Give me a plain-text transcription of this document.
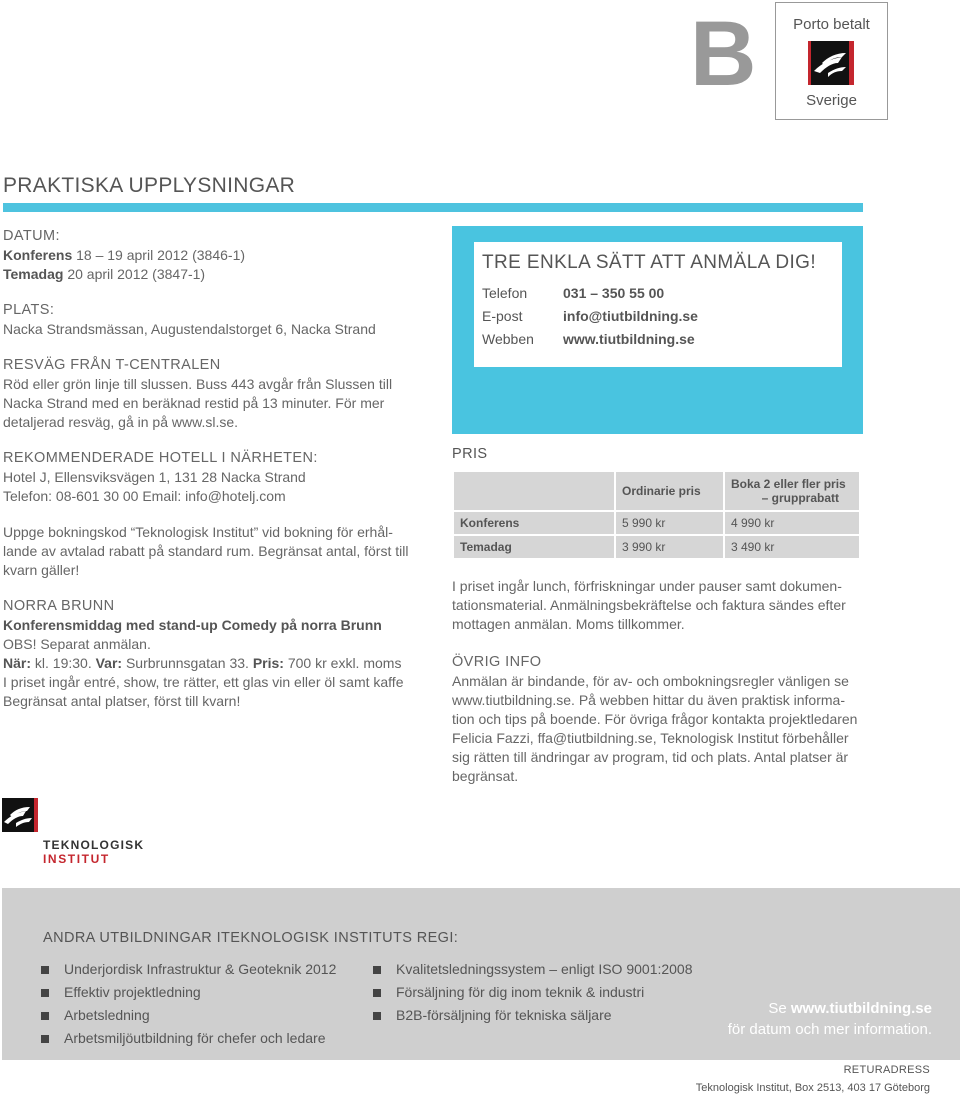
B	Porto betalt
Sverige
PRAKTISKA UPPLYSNINGAR

DATUM:

Konferens 18 – 19 april 2012 (3846-1)

Temadag 20 april 2012 (3847-1)

PLATS:

Nacka Strandsmässan, Augustendalstorget 6, Nacka Strand

RESVÄG FRÅN T-CENTRALEN

Röd eller grön linje till slussen. Buss 443 avgår från Slussen till

Nacka Strand med en beräknad restid på 13 minuter. För mer

detaljerad resväg, gå in på www.sl.se.

REKOMMENDERADE HOTELL I NÄRHETEN:

Hotel J, Ellensviksvägen 1, 131 28 Nacka Strand

Telefon: 08-601 30 00 Email: info@hotelj.com

Uppge bokningskod “Teknologisk Institut” vid bokning för erhål-

lande av avtalad rabatt på standard rum. Begränsat antal, först till

kvarn gäller!

NORRA BRUNN

Konferensmiddag med stand-up Comedy på norra Brunn

OBS! Separat anmälan.

När: kl. 19:30. Var: Surbrunnsgatan 33. Pris: 700 kr exkl. moms

I priset ingår entré, show, tre rätter, ett glas vin eller öl samt kaffe

Begränsat antal platser, först till kvarn!

TRE ENKLA SÄTT ATT ANMÄLA DIG!
Telefon	031 – 350 55 00
E-post	info@tiutbildning.se
Webben	www.tiutbildning.se
PRIS
	Ordinarie pris	Boka 2 eller fler pris
– grupprabatt

Konferens	5 990 kr	4 990 kr
Temadag	3 990 kr	3 490 kr

I priset ingår lunch, förfriskningar under pauser samt dokumen-

tationsmaterial. Anmälningsbekräftelse och faktura sändes efter

mottagen anmälan. Moms tillkommer.

ÖVRIG INFO

Anmälan är bindande, för av- och ombokningsregler vänligen se

www.tiutbildning.se. På webben hittar du även praktisk informa-

tion och tips på boende. För övriga frågor kontakta projektledaren

Felicia Fazzi, ffa@tiutbildning.se, Teknologisk Institut förbehåller

sig rätten till ändringar av program, tid och plats. Antal platser är

begränsat.

TEKNOLOGISK
INSTITUT
ANDRA UTBILDNINGAR ITEKNOLOGISK INSTITUTS REGI:
Underjordisk Infrastruktur & Geoteknik 2012
Effektiv projektledning
Arbetsledning
Arbetsmiljöutbildning för chefer och ledare
Kvalitetsledningssystem – enligt ISO 9001:2008
Försäljning för dig inom teknik & industri
B2B-försäljning för tekniska säljare	Se www.tiutbildning.se
för datum och mer information.
RETURADRESS
Teknologisk Institut, Box 2513, 403 17 Göteborg
